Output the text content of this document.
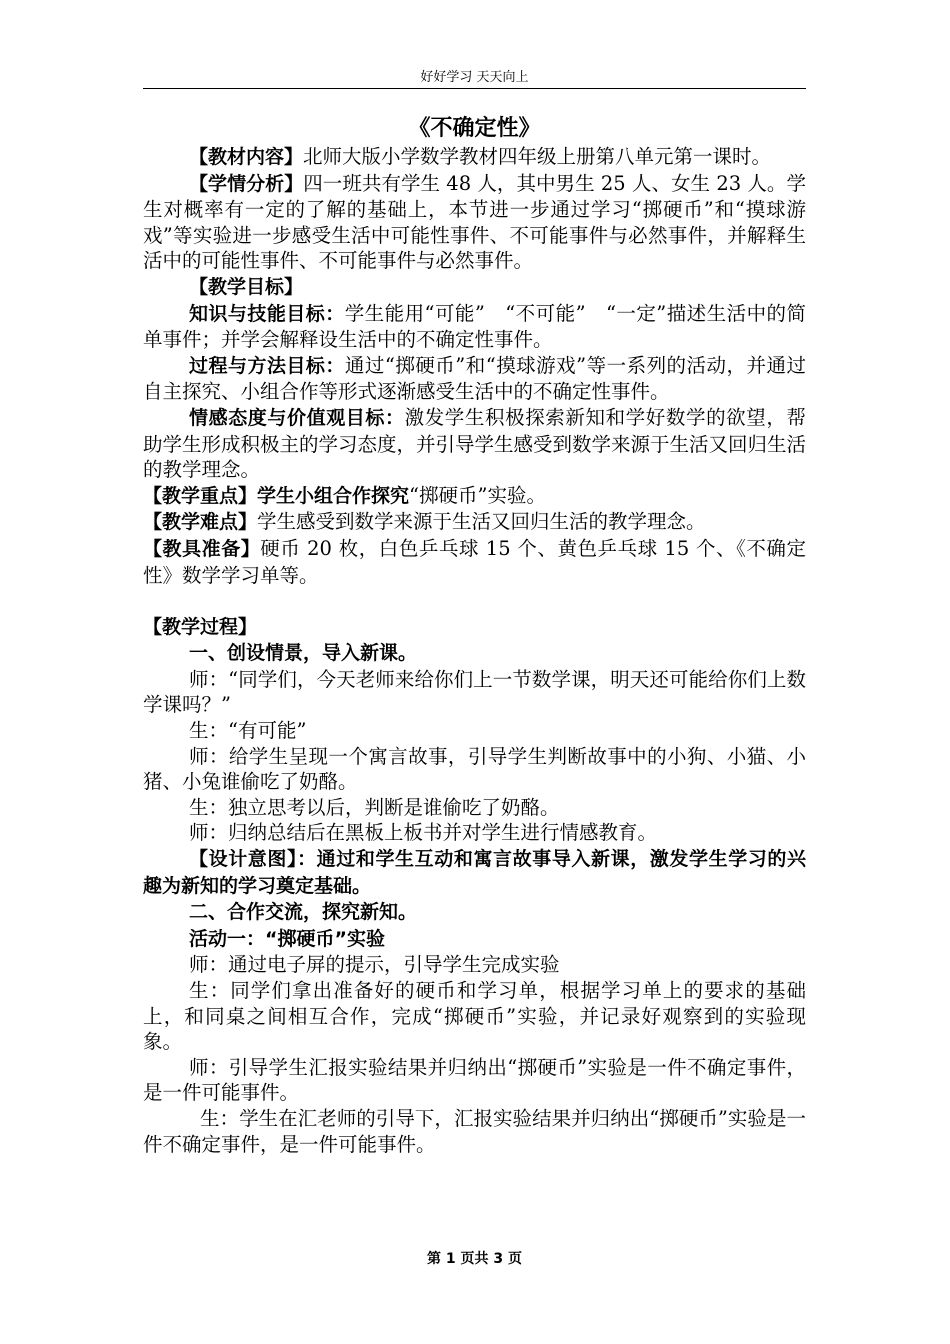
好好学习 天天向上
《不确定性》

【教材内容】北师大版小学数学教材四年级上册第八单元第一课时。

【学情分析】四一班共有学生 48 人，其中男生 25 人、女生 23 人。学生对概率有一定的了解的基础上，本节进一步通过学习“掷硬币”和“摸球游戏”等实验进一步感受生活中可能性事件、不可能事件与必然事件，并解释生活中的可能性事件、不可能事件与必然事件。

【教学目标】

知识与技能目标：学生能用“可能”　“不可能”　“一定”描述生活中的简单事件；并学会解释设生活中的不确定性事件。

过程与方法目标：通过“掷硬币”和“摸球游戏”等一系列的活动，并通过自主探究、小组合作等形式逐渐感受生活中的不确定性事件。

情感态度与价值观目标：激发学生积极探索新知和学好数学的欲望，帮助学生形成积极主的学习态度，并引导学生感受到数学来源于生活又回归生活的教学理念。

【教学重点】学生小组合作探究“掷硬币”实验。

【教学难点】学生感受到数学来源于生活又回归生活的教学理念。

【教具准备】硬币 20 枚，白色乒乓球 15 个、黄色乒乓球 15 个、《不确定性》数学学习单等。

【教学过程】

一、创设情景，导入新课。

师：“同学们，今天老师来给你们上一节数学课，明天还可能给你们上数学课吗？”

生：“有可能”

师：给学生呈现一个寓言故事，引导学生判断故事中的小狗、小猫、小猪、小兔谁偷吃了奶酪。

生：独立思考以后，判断是谁偷吃了奶酪。

师：归纳总结后在黑板上板书并对学生进行情感教育。

【设计意图】：通过和学生互动和寓言故事导入新课，激发学生学习的兴趣为新知的学习奠定基础。

二、合作交流，探究新知。

活动一：“掷硬币”实验

师：通过电子屏的提示，引导学生完成实验

生：同学们拿出准备好的硬币和学习单，根据学习单上的要求的基础上，和同桌之间相互合作，完成“掷硬币”实验，并记录好观察到的实验现象。

师：引导学生汇报实验结果并归纳出“掷硬币”实验是一件不确定事件，是一件可能事件。

生：学生在汇老师的引导下，汇报实验结果并归纳出“掷硬币”实验是一件不确定事件，是一件可能事件。

第 1 页共 3 页
